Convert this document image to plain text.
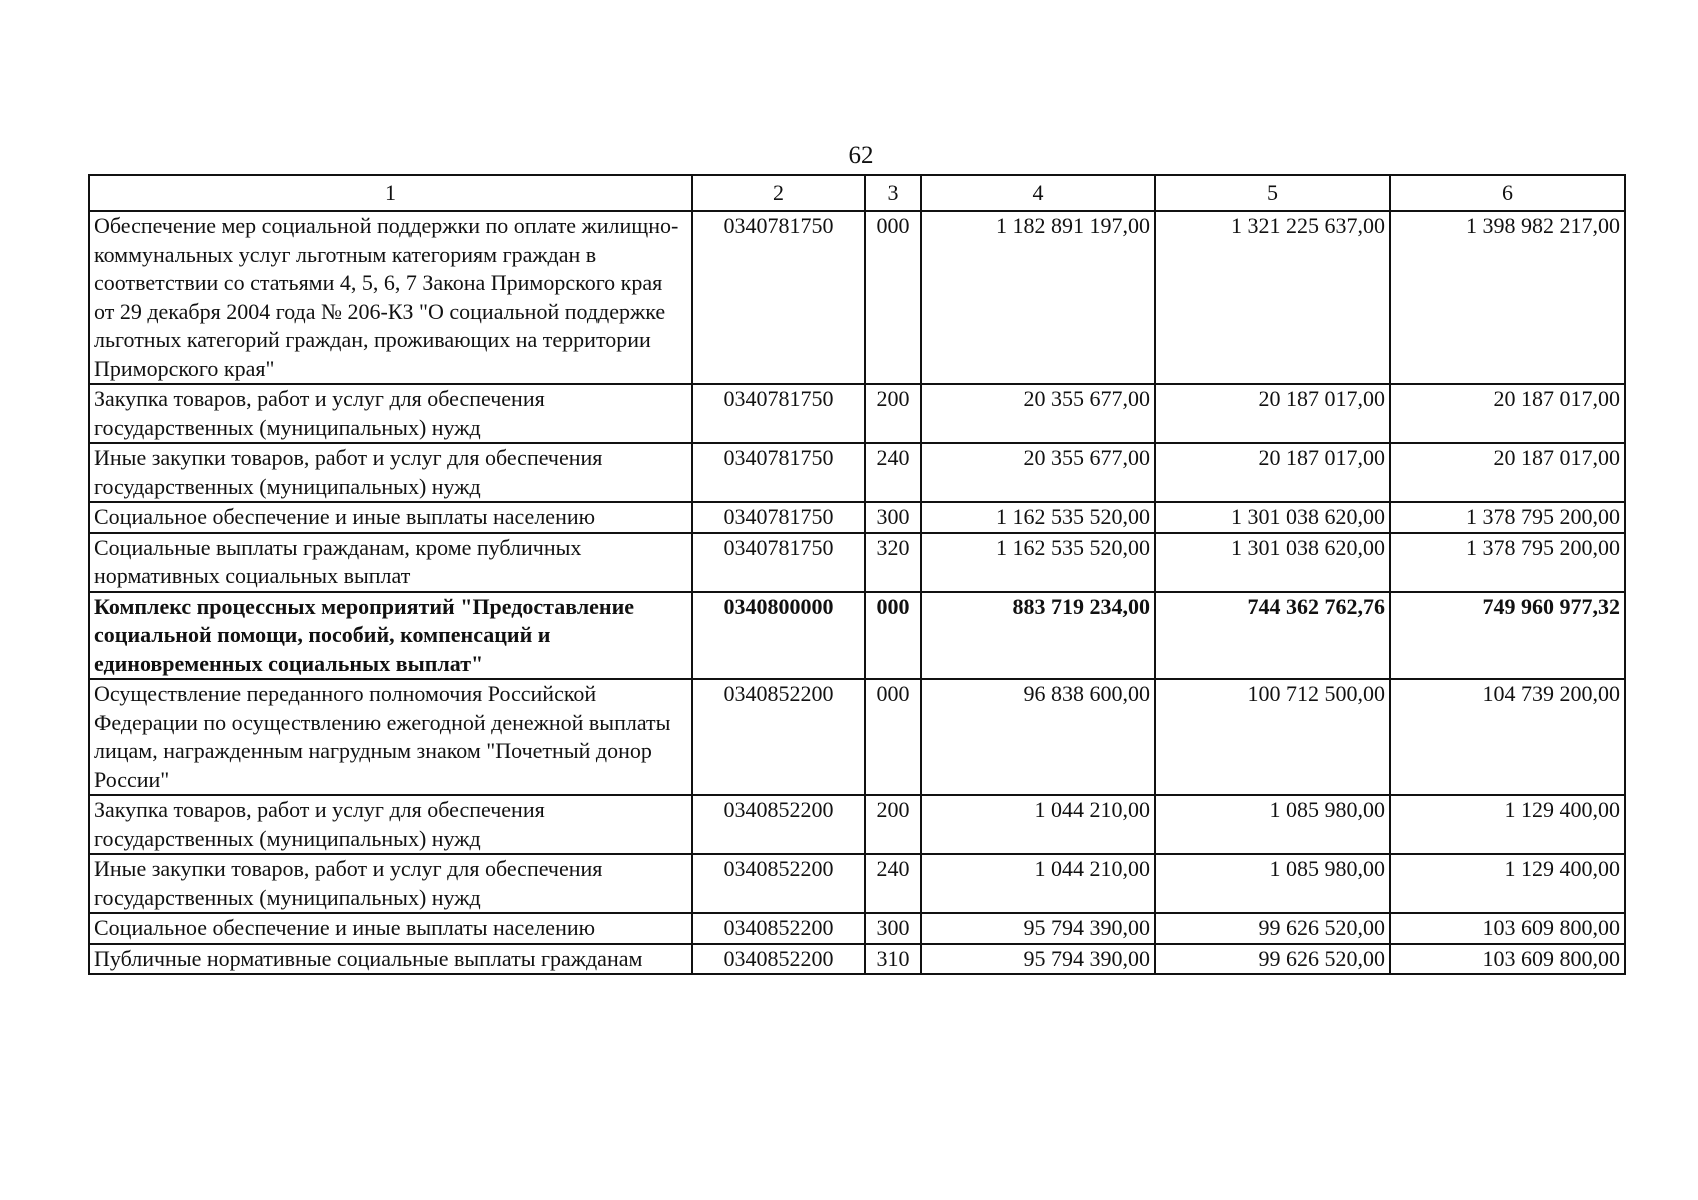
62
1	2	3	4	5	6
Обеспечение мер социальной поддержки по оплате жилищно-коммунальных услуг льготным категориям граждан в соответствии со статьями 4, 5, 6, 7 Закона Приморского края от 29 декабря 2004 года № 206-КЗ "О социальной поддержке льготных категорий граждан, проживающих на территории Приморского края"	0340781750	000	1 182 891 197,00	1 321 225 637,00	1 398 982 217,00
Закупка товаров, работ и услуг для обеспечения государственных (муниципальных) нужд	0340781750	200	20 355 677,00	20 187 017,00	20 187 017,00
Иные закупки товаров, работ и услуг для обеспечения государственных (муниципальных) нужд	0340781750	240	20 355 677,00	20 187 017,00	20 187 017,00
Социальное обеспечение и иные выплаты населению	0340781750	300	1 162 535 520,00	1 301 038 620,00	1 378 795 200,00
Социальные выплаты гражданам, кроме публичных нормативных социальных выплат	0340781750	320	1 162 535 520,00	1 301 038 620,00	1 378 795 200,00
Комплекс процессных мероприятий "Предоставление социальной помощи, пособий, компенсаций и единовременных социальных выплат"	0340800000	000	883 719 234,00	744 362 762,76	749 960 977,32
Осуществление переданного полномочия Российской Федерации по осуществлению ежегодной денежной выплаты лицам, награжденным нагрудным знаком "Почетный донор России"	0340852200	000	96 838 600,00	100 712 500,00	104 739 200,00
Закупка товаров, работ и услуг для обеспечения государственных (муниципальных) нужд	0340852200	200	1 044 210,00	1 085 980,00	1 129 400,00
Иные закупки товаров, работ и услуг для обеспечения государственных (муниципальных) нужд	0340852200	240	1 044 210,00	1 085 980,00	1 129 400,00
Социальное обеспечение и иные выплаты населению	0340852200	300	95 794 390,00	99 626 520,00	103 609 800,00
Публичные нормативные социальные выплаты гражданам	0340852200	310	95 794 390,00	99 626 520,00	103 609 800,00
